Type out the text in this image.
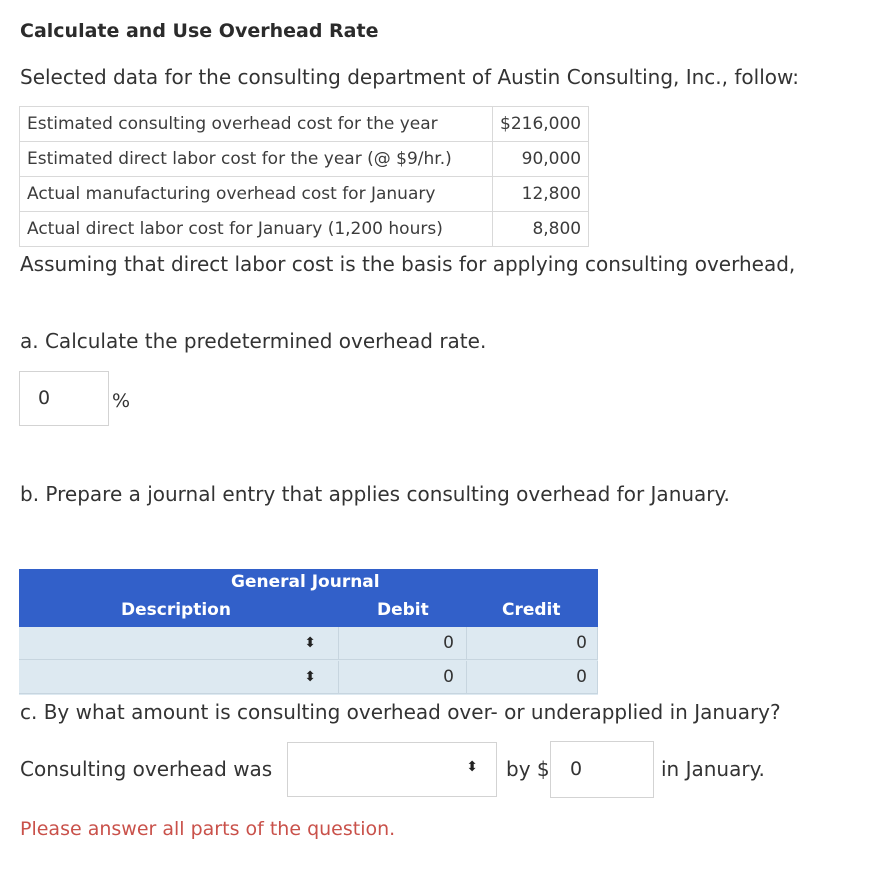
Calculate and Use Overhead Rate
Selected data for the consulting department of Austin Consulting, Inc., follow:
Estimated consulting overhead cost for the year	$216,000
Estimated direct labor cost for the year (@ $9/hr.)	90,000
Actual manufacturing overhead cost for January	12,800
Actual direct labor cost for January (1,200 hours)	8,800
Assuming that direct labor cost is the basis for applying consulting overhead,
a. Calculate the predetermined overhead rate.
0	%
b. Prepare a journal entry that applies consulting overhead for January.
General Journal
Description	Debit	Credit
⬍	0	0
⬍	0	0
c. By what amount is consulting overhead over- or underapplied in January?
Consulting overhead was	⬍ by $	0	in January.
Please answer all parts of the question.
